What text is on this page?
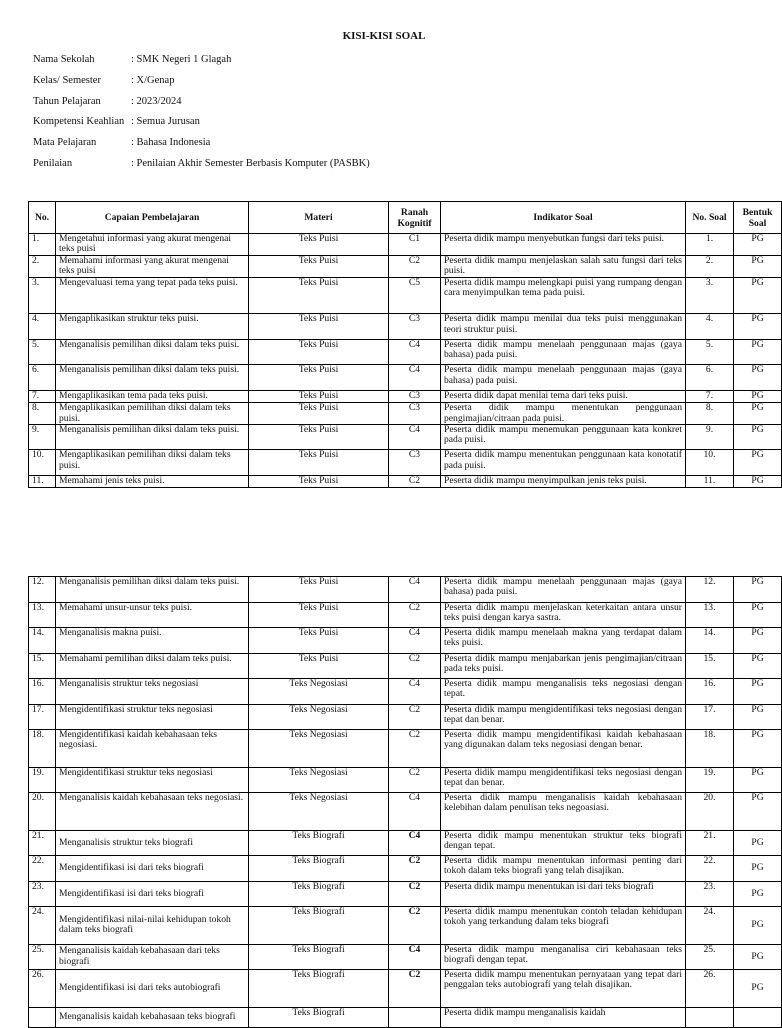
KISI-KISI SOAL
Nama Sekolah	: SMK Negeri 1 Glagah
Kelas/ Semester	: X/Genap
Tahun Pelajaran	: 2023/2024
Kompetensi Keahlian : Semua Jurusan
Mata Pelajaran	: Bahasa Indonesia
Penilaian	: Penilaian Akhir Semester Berbasis Komputer (PASBK)
No.	Capaian Pembelajaran	Materi	Ranah Kognitif	Indikator Soal	No. Soal	Bentuk Soal
1.	Mengetahui informasi yang akurat mengenai teks puisi	Teks Puisi	C1	Peserta didik mampu menyebutkan fungsi dari teks puisi.	1.	PG
2.	Memahami informasi yang akurat mengenai teks puisi	Teks Puisi	C2	Peserta didik mampu menjelaskan salah satu fungsi dari teks puisi.	2.	PG
3.	Mengevaluasi tema yang tepat pada teks puisi.	Teks Puisi	C5	Peserta didik mampu melengkapi puisi yang rumpang dengan cara menyimpulkan tema pada puisi.	3.	PG
4.	Mengaplikasikan struktur teks puisi.	Teks Puisi	C3	Peserta didik mampu menilai dua teks puisi menggunakan teori struktur puisi.	4.	PG
5.	Menganalisis pemilihan diksi dalam teks puisi.	Teks Puisi	C4	Peserta didik mampu menelaah penggunaan majas (gaya bahasa) pada puisi.	5.	PG
6.	Menganalisis pemilihan diksi dalam teks puisi.	Teks Puisi	C4	Peserta didik mampu menelaah penggunaan majas (gaya bahasa) pada puisi.	6.	PG
7.	Mengaplikasikan tema pada teks puisi.	Teks Puisi	C3	Peserta didik dapat menilai tema dari teks puisi.	7.	PG
8.	Mengaplikasikan pemilihan diksi dalam teks puisi.	Teks Puisi	C3	Peserta didik mampu menentukan penggunaan pengimajian/citraan pada puisi.	8.	PG
9.	Menganalisis pemilihan diksi dalam teks puisi.	Teks Puisi	C4	Peserta didik mampu menemukan penggunaan kata konkret pada puisi.	9.	PG
10.	Mengaplikasikan pemilihan diksi dalam teks puisi.	Teks Puisi	C3	Peserta didik mampu menentukan penggunaan kata konotatif pada puisi.	10.	PG
11.	Memahami jenis teks puisi.	Teks Puisi	C2	Peserta didik mampu menyimpulkan jenis teks puisi.	11.	PG
12.	Menganalisis pemilihan diksi dalam teks puisi.	Teks Puisi	C4	Peserta didik mampu menelaah penggunaan majas (gaya bahasa) pada puisi.	12.	PG
13.	Memahami unsur-unsur teks puisi.	Teks Puisi	C2	Peserta didik mampu menjelaskan keterkaitan antara unsur teks puisi dengan karya sastra.	13.	PG
14.	Menganalisis makna puisi.	Teks Puisi	C4	Peserta didik mampu menelaah makna yang terdapat dalam teks puisi.	14.	PG
15.	Memahami pemilihan diksi dalam teks puisi.	Teks Puisi	C2	Peserta didik mampu menjabarkan jenis pengimajian/citraan pada teks puisi.	15.	PG
16.	Menganalisis struktur teks negosiasi	Teks Negosiasi	C4	Peserta didik mampu menganalisis teks negosiasi dengan tepat.	16.	PG
17.	Mengidentifikasi struktur teks negosiasi	Teks Negosiasi	C2	Peserta didik mampu mengidentifikasi teks negosiasi dengan tepat dan benar.	17.	PG
18.	Mengidentifikasi kaidah kebahasaan teks negosiasi.	Teks Negosiasi	C2	Peserta didik mampu mengidentifikasi kaidah kebahasaan yang digunakan dalam teks negosiasi dengan benar.	18.	PG
19.	Mengidentifikasi struktur teks negosiasi	Teks Negosiasi	C2	Peserta didik mampu mengidentifikasi teks negosiasi dengan tepat dan benar.	19.	PG
20.	Menganalisis kaidah kebahasaan teks negosiasi.	Teks Negosiasi	C4	Peserta didik mampu menganalisis kaidah kebahasaan kelebihan dalam penulisan teks negoasiasi.	20.	PG
21.	Menganalisis struktur teks biografi	Teks Biografi	C4	Peserta didik mampu menentukan struktur teks biografi dengan tepat.	21.	PG
22.	Mengidentifikasi isi dari teks biografi	Teks Biografi	C2	Peserta didik mampu menentukan informasi penting dari tokoh dalam teks biografi yang telah disajikan.	22.	PG
23.	Mengidentifikasi isi dari teks biografi	Teks Biografi	C2	Peserta didik mampu menentukan isi dari teks biografi	23.	PG
24.	Mengidentifikasi nilai-nilai kehidupan tokoh dalam teks biografi	Teks Biografi	C2	Peserta didik mampu menentukan contoh teladan kehidupan tokoh yang terkandung dalam teks biografi	24.	PG
25.	Menganalisis kaidah kebahasaan dari teks biografi	Teks Biografi	C4	Peserta didik mampu menganalisa ciri kebahasaan teks biografi dengan tepat.	25.	PG
26.	Mengidentifikasi isi dari teks autobiografi	Teks Biografi	C2	Peserta didik mampu menentukan pernyataan yang tepat dari penggalan teks autobiografi yang telah disajikan.	26.	PG
	Menganalisis kaidah kebahasaan teks biografi	Teks Biografi		Peserta didik mampu menganalisis kaidah		
